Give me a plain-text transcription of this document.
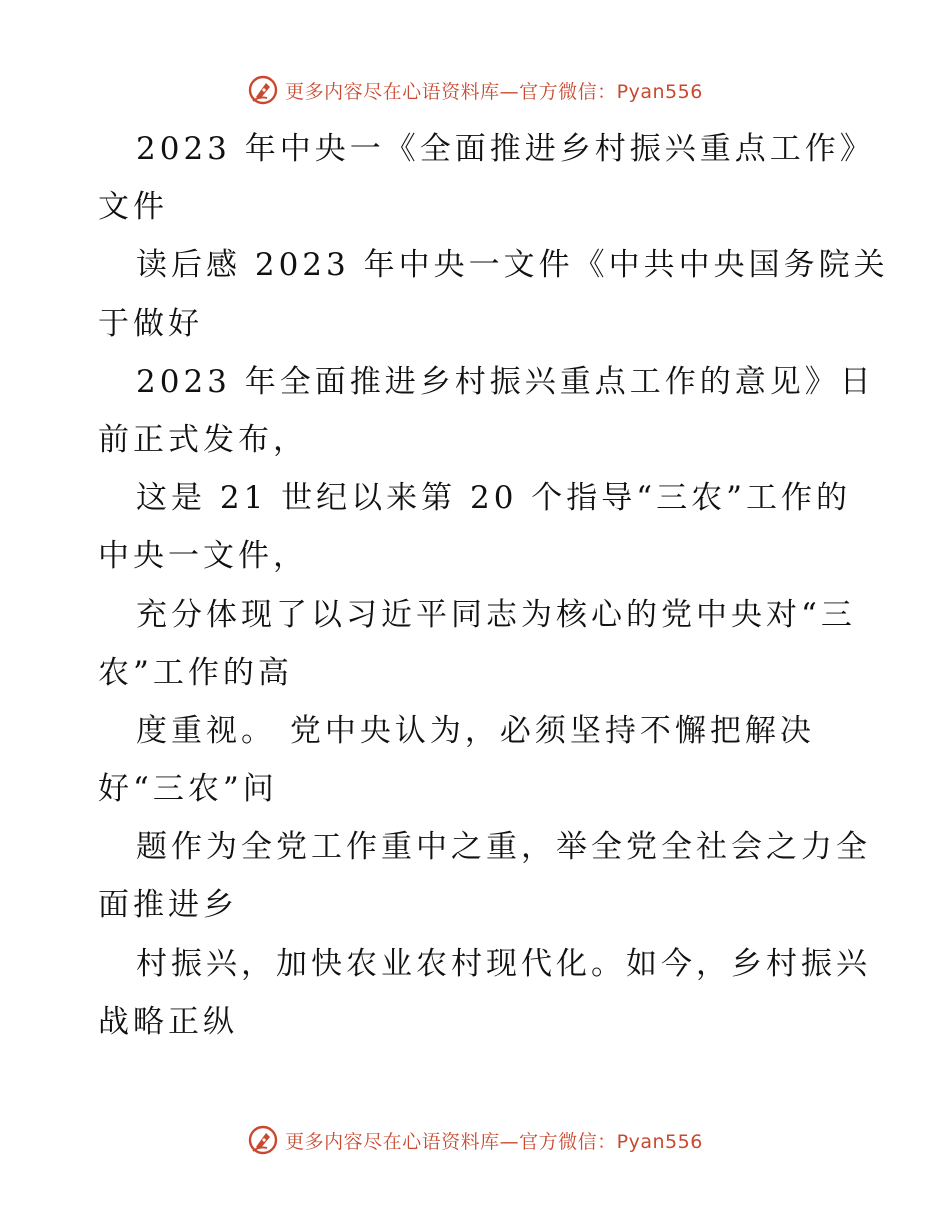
更多内容尽在心语资料库—官方微信：Pyan556
2023 年中央一《全面推进乡村振兴重点工作》
文件
读后感 2023 年中央一文件《中共中央国务院关
于做好
2023 年全面推进乡村振兴重点工作的意见》日
前正式发布，
这是 21 世纪以来第 20 个指导“三农”工作的
中央一文件，
充分体现了以习近平同志为核心的党中央对“三
农”工作的高
度重视。 党中央认为，必须坚持不懈把解决
好“三农”问
题作为全党工作重中之重，举全党全社会之力全
面推进乡
村振兴，加快农业农村现代化。如今，乡村振兴
战略正纵
更多内容尽在心语资料库—官方微信：Pyan556
